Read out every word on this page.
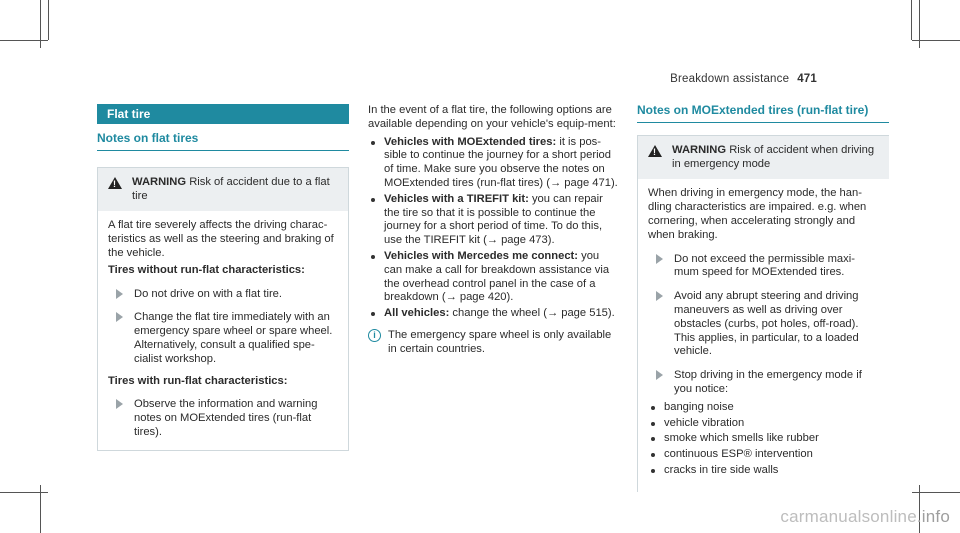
Breakdown assistance 471
Flat tire
Notes on flat tires
!
WARNING Risk of accident due to a flat tire
A flat tire severely affects the driving charac-teristics as well as the steering and braking of the vehicle.
Tires without run-flat characteristics:
Do not drive on with a flat tire.
Change the flat tire immediately with an emergency spare wheel or spare wheel. Alternatively, consult a qualified spe-cialist workshop.
Tires with run-flat characteristics:
Observe the information and warning notes on MOExtended tires (run-flat tires).
In the event of a flat tire, the following options are available depending on your vehicle's equip-ment:
Vehicles with MOExtended tires: it is pos-sible to continue the journey for a short period of time. Make sure you observe the notes on MOExtended tires (run-flat tires) (→ page 471).
Vehicles with a TIREFIT kit: you can repair the tire so that it is possible to continue the journey for a short period of time. To do this, use the TIREFIT kit (→ page 473).
Vehicles with Mercedes me connect: you can make a call for breakdown assistance via the overhead control panel in the case of a breakdown (→ page 420).
All vehicles: change the wheel (→ page 515).
i	The emergency spare wheel is only available in certain countries.
Notes on MOExtended tires (run-flat tire)
!
WARNING Risk of accident when driving in emergency mode
When driving in emergency mode, the han-dling characteristics are impaired. e.g. when cornering, when accelerating strongly and when braking.
Do not exceed the permissible maxi-mum speed for MOExtended tires.
Avoid any abrupt steering and driving maneuvers as well as driving over obstacles (curbs, pot holes, off-road). This applies, in particular, to a loaded vehicle.
Stop driving in the emergency mode if you notice:
banging noise
vehicle vibration
smoke which smells like rubber
continuous ESP® intervention
cracks in tire side walls
carmanualsonline.info
